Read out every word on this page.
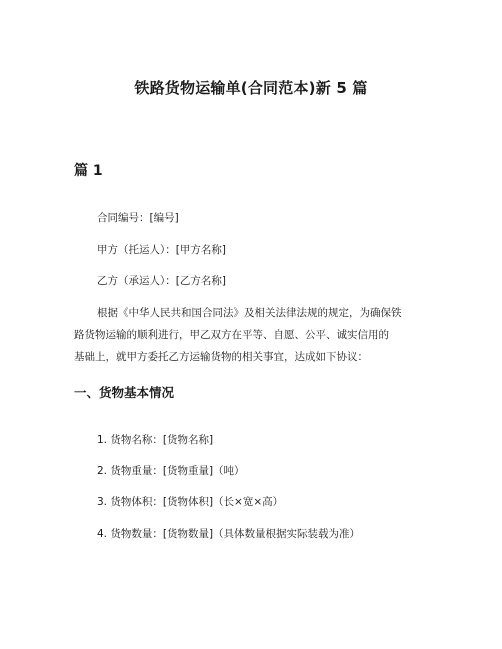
铁路货物运输单(合同范本)新 5 篇
篇 1
合同编号：[编号]
甲方（托运人）：[甲方名称]
乙方（承运人）：[乙方名称]
根据《中华人民共和国合同法》及相关法律法规的规定，为确保铁
路货物运输的顺利进行，甲乙双方在平等、自愿、公平、诚实信用的
基础上，就甲方委托乙方运输货物的相关事宜，达成如下协议：
一、货物基本情况
1. 货物名称：[货物名称]
2. 货物重量：[货物重量]（吨）
3. 货物体积：[货物体积]（长×宽×高）
4. 货物数量：[货物数量]（具体数量根据实际装载为准）
